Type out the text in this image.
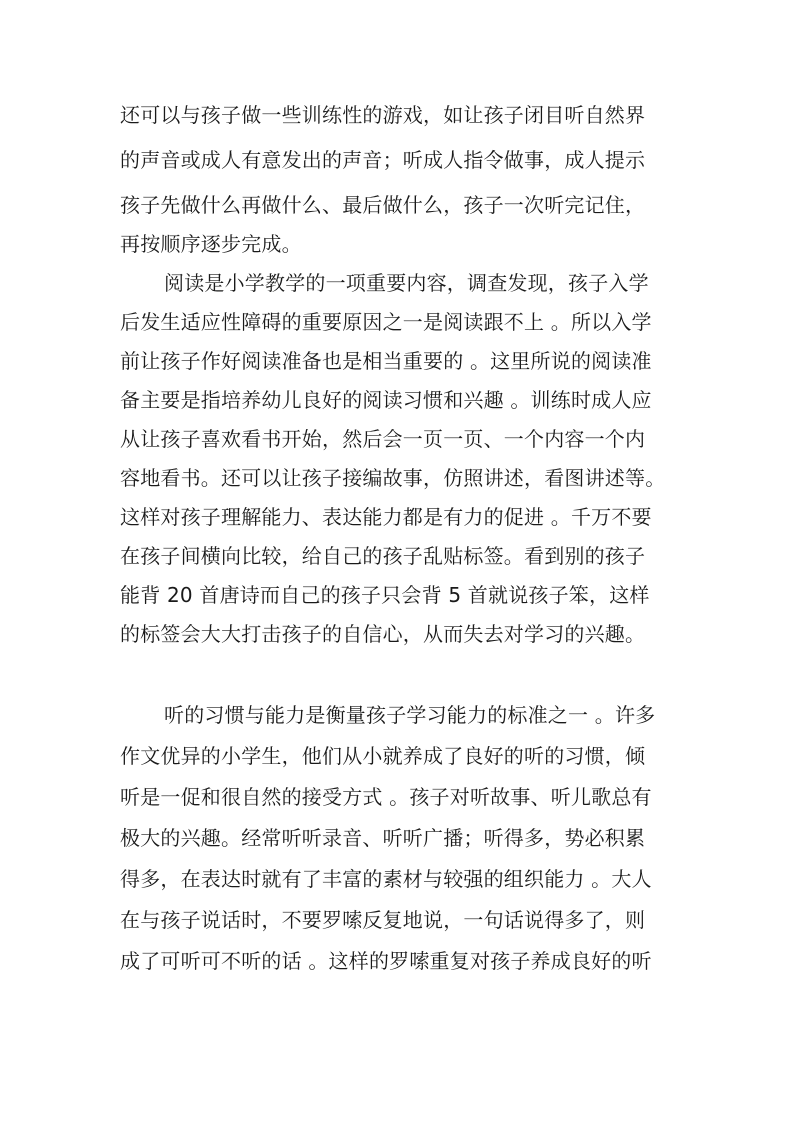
还可以与孩子做一些训练性的游戏，如让孩子闭目听自然界
的声音或成人有意发出的声音；听成人指令做事，成人提示
孩子先做什么再做什么、最后做什么，孩子一次听完记住，
再按顺序逐步完成。
阅读是小学教学的一项重要内容，调查发现，孩子入学
后发生适应性障碍的重要原因之一是阅读跟不上 。所以入学
前让孩子作好阅读准备也是相当重要的 。这里所说的阅读准
备主要是指培养幼儿良好的阅读习惯和兴趣 。训练时成人应
从让孩子喜欢看书开始，然后会一页一页、一个内容一个内
容地看书。还可以让孩子接编故事，仿照讲述，看图讲述等。
这样对孩子理解能力、表达能力都是有力的促进 。千万不要
在孩子间横向比较，给自己的孩子乱贴标签。看到别的孩子
能背 20 首唐诗而自己的孩子只会背 5 首就说孩子笨，这样
的标签会大大打击孩子的自信心，从而失去对学习的兴趣。
听的习惯与能力是衡量孩子学习能力的标准之一 。许多
作文优异的小学生，他们从小就养成了良好的听的习惯，倾
听是一促和很自然的接受方式 。孩子对听故事、听儿歌总有
极大的兴趣。经常听听录音、听听广播；听得多，势必积累
得多，在表达时就有了丰富的素材与较强的组织能力 。大人
在与孩子说话时，不要罗嗦反复地说，一句话说得多了，则
成了可听可不听的话 。这样的罗嗦重复对孩子养成良好的听
